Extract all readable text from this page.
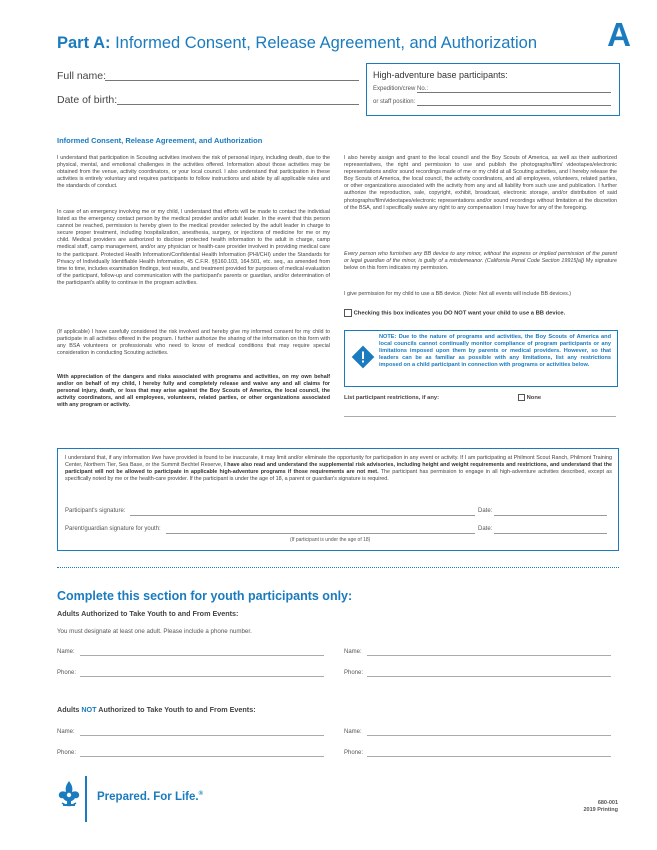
Part A: Informed Consent, Release Agreement, and Authorization A
Full name:
Date of birth:
High-adventure base participants:
Expedition/crew No.:
or staff position:
Informed Consent, Release Agreement, and Authorization
I understand that participation in Scouting activities involves the risk of personal injury, including death, due to the physical, mental, and emotional challenges in the activities offered. Information about those activities may be obtained from the venue, activity coordinators, or your local council. I also understand that participation in these activities is entirely voluntary and requires participants to follow instructions and abide by all applicable rules and the standards of conduct.
In case of an emergency involving me or my child, I understand that efforts will be made to contact the individual listed as the emergency contact person by the medical provider and/or adult leader. In the event that this person cannot be reached, permission is hereby given to the medical provider selected by the adult leader in charge to secure proper treatment, including hospitalization, anesthesia, surgery, or injections of medicine for me or my child. Medical providers are authorized to disclose protected health information to the adult in charge, camp medical staff, camp management, and/or any physician or health-care provider involved in providing medical care to the participant. Protected Health Information/Confidential Health Information (PHI/CHI) under the Standards for Privacy of Individually Identifiable Health Information, 45 C.F.R. §§160.103, 164.501, etc. seq., as amended from time to time, includes examination findings, test results, and treatment provided for purposes of medical evaluation of the participant, follow-up and communication with the participant's parents or guardian, and/or determination of the participant's ability to continue in the program activities.
(If applicable) I have carefully considered the risk involved and hereby give my informed consent for my child to participate in all activities offered in the program. I further authorize the sharing of the information on this form with any BSA volunteers or professionals who need to know of medical conditions that may require special consideration in conducting Scouting activities.
With appreciation of the dangers and risks associated with programs and activities, on my own behalf and/or on behalf of my child, I hereby fully and completely release and waive any and all claims for personal injury, death, or loss that may arise against the Boy Scouts of America, the local council, the activity coordinators, and all employees, volunteers, related parties, or other organizations associated with any program or activity.
I also hereby assign and grant to the local council and the Boy Scouts of America, as well as their authorized representatives, the right and permission to use and publish the photographs/film/ videotapes/electronic representations and/or sound recordings made of me or my child at all Scouting activities, and I hereby release the Boy Scouts of America, the local council, the activity coordinators, and all employees, volunteers, related parties, or other organizations associated with the activity from any and all liability from such use and publication. I further authorize the reproduction, sale, copyright, exhibit, broadcast, electronic storage, and/or distribution of said photographs/film/videotapes/electronic representations and/or sound recordings without limitation at the discretion of the BSA, and I specifically waive any right to any compensation I may have for any of the foregoing.
Every person who furnishes any BB device to any minor, without the express or implied permission of the parent or legal guardian of the minor, is guilty of a misdemeanor. (California Penal Code Section 19915[a]) My signature below on this form indicates my permission.
I give permission for my child to use a BB device. (Note: Not all events will include BB devices.)
Checking this box indicates you DO NOT want your child to use a BB device.
NOTE: Due to the nature of programs and activities, the Boy Scouts of America and local councils cannot continually monitor compliance of program participants or any limitations imposed upon them by parents or medical providers. However, so that leaders can be as familiar as possible with any limitations, list any restrictions imposed on a child participant in connection with programs or activities below.
List participant restrictions, if any:	None
I understand that, if any information I/we have provided is found to be inaccurate, it may limit and/or eliminate the opportunity for participation in any event or activity. If I am participating at Philmont Scout Ranch, Philmont Training Center, Northern Tier, Sea Base, or the Summit Bechtel Reserve, I have also read and understand the supplemental risk advisories, including height and weight requirements and restrictions, and understand that the participant will not be allowed to participate in applicable high-adventure programs if those requirements are not met. The participant has permission to engage in all high-adventure activities described, except as specifically noted by me or the health-care provider. If the participant is under the age of 18, a parent or guardian's signature is required.
Participant's signature:	Date:
Parent/guardian signature for youth:	Date:
(If participant is under the age of 18)
Complete this section for youth participants only:
Adults Authorized to Take Youth to and From Events:
You must designate at least one adult. Please include a phone number.
Name:	Name:
Phone:	Phone:
Adults NOT Authorized to Take Youth to and From Events:
Name:	Name:
Phone:	Phone:
Prepared. For Life.®
680-001
2019 Printing
